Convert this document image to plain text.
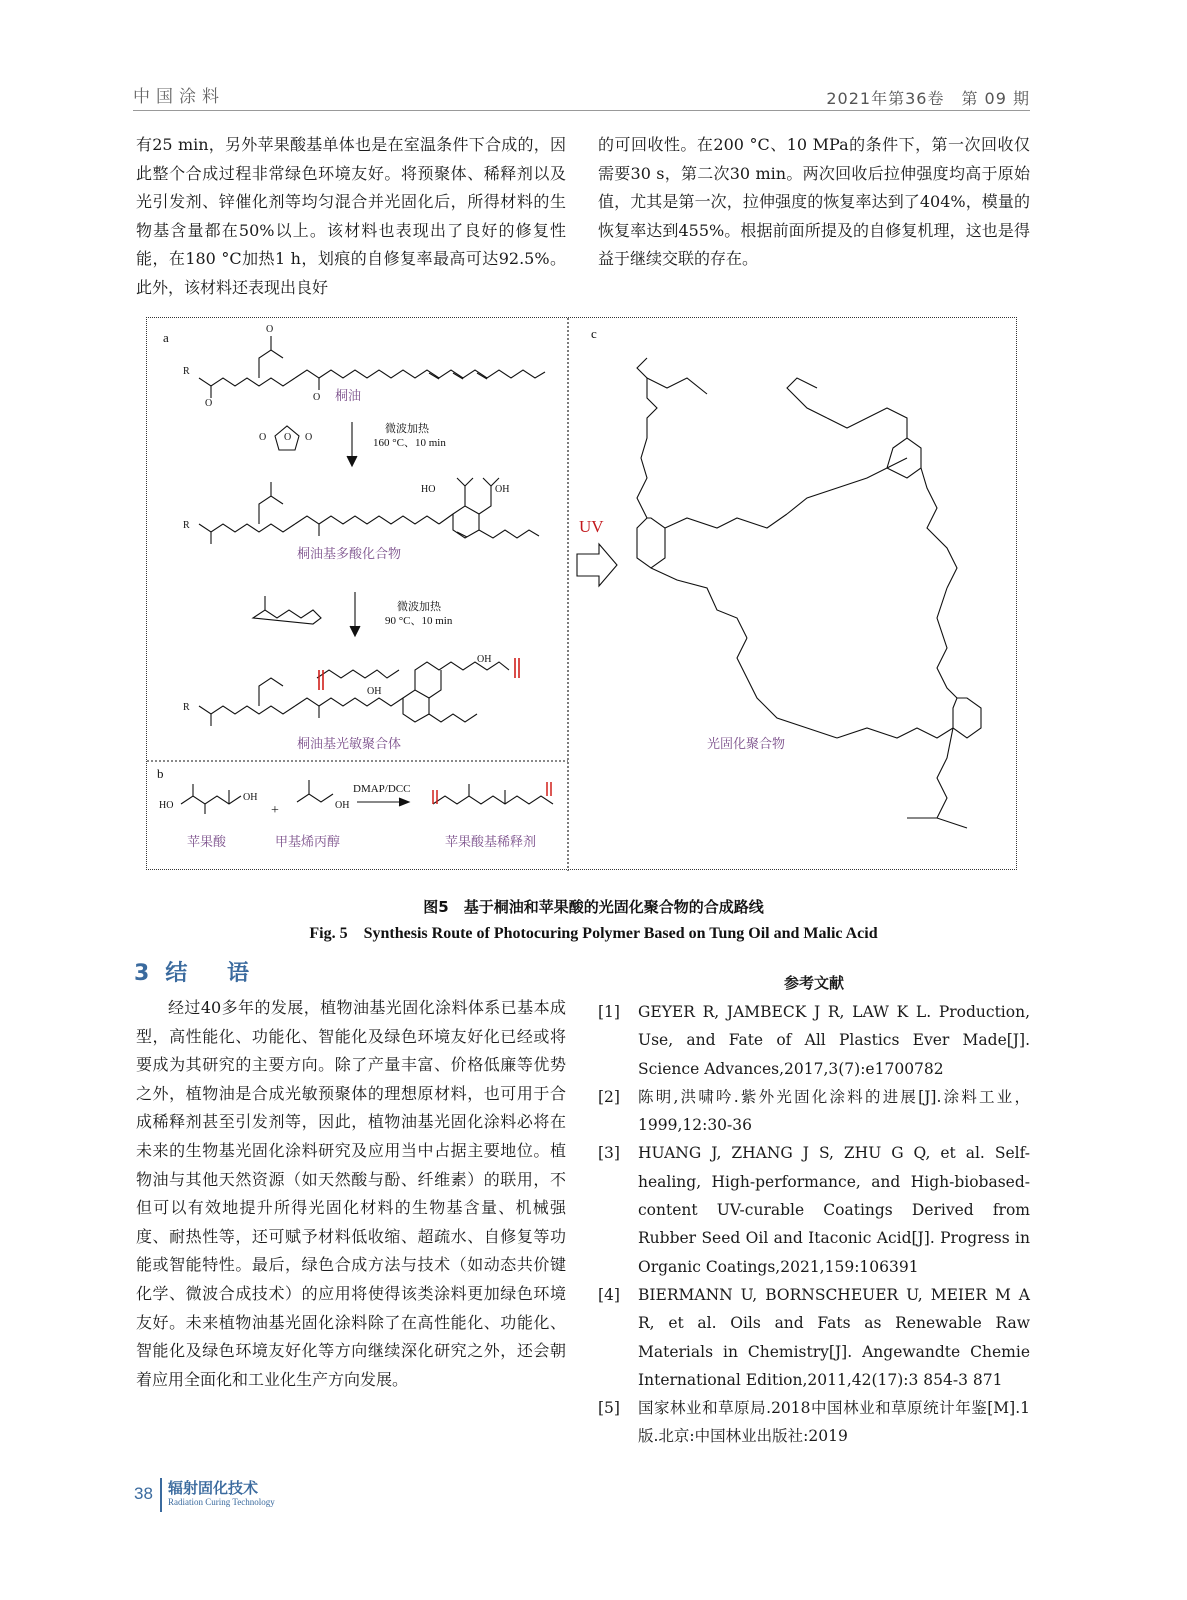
中国涂料	2021年第36卷　第 09 期
有25 min，另外苹果酸基单体也是在室温条件下合成的，因此整个合成过程非常绿色环境友好。将预聚体、稀释剂以及光引发剂、锌催化剂等均匀混合并光固化后，所得材料的生物基含量都在50%以上。该材料也表现出了良好的修复性能，在180 °C加热1 h，划痕的自修复率最高可达92.5%。此外，该材料还表现出良好
的可回收性。在200 °C、10 MPa的条件下，第一次回收仅需要30 s，第二次30 min。两次回收后拉伸强度均高于原始值，尤其是第一次，拉伸强度的恢复率达到了404%，模量的恢复率达到455%。根据前面所提及的自修复机理，这也是得益于继续交联的存在。
a
b
c
R
O
O
O 桐油
O O O
微波加热
160 °C、10 min
R
HO	OH
桐油基多酸化合物
微波加热
90 °C、10 min
R
OH
OH
桐油基光敏聚合体
HO
OH
+	OH
DMAP/DCC
苹果酸	甲基烯丙醇	苹果酸基稀释剂
UV
光固化聚合物
图5　基于桐油和苹果酸的光固化聚合物的合成路线
Fig. 5　Synthesis Route of Photocuring Polymer Based on Tung Oil and Malic Acid
3结 语

经过40多年的发展，植物油基光固化涂料体系已基本成型，高性能化、功能化、智能化及绿色环境友好化已经或将要成为其研究的主要方向。除了产量丰富、价格低廉等优势之外，植物油是合成光敏预聚体的理想原材料，也可用于合成稀释剂甚至引发剂等，因此，植物油基光固化涂料必将在未来的生物基光固化涂料研究及应用当中占据主要地位。植物油与其他天然资源（如天然酸与酚、纤维素）的联用，不但可以有效地提升所得光固化材料的生物基含量、机械强度、耐热性等，还可赋予材料低收缩、超疏水、自修复等功能或智能特性。最后，绿色合成方法与技术（如动态共价键化学、微波合成技术）的应用将使得该类涂料更加绿色环境友好。未来植物油基光固化涂料除了在高性能化、功能化、智能化及绿色环境友好化等方向继续深化研究之外，还会朝着应用全面化和工业化生产方向发展。

参考文献
[1]	GEYER R, JAMBECK J R, LAW K L. Production, Use, and Fate of All Plastics Ever Made[J]. Science Advances,2017,3(7):e1700782
[2]	陈明,洪啸吟.紫外光固化涂料的进展[J].涂料工业，1999,12:30-36
[3]	HUANG J, ZHANG J S, ZHU G Q, et al. Self-healing, High-performance, and High-biobased-content UV-curable Coatings Derived from Rubber Seed Oil and Itaconic Acid[J]. Progress in Organic Coatings,2021,159:106391
[4]	BIERMANN U, BORNSCHEUER U, MEIER M A R, et al. Oils and Fats as Renewable Raw Materials in Chemistry[J]. Angewandte Chemie International Edition,2011,42(17):3 854-3 871
[5]	国家林业和草原局.2018中国林业和草原统计年鉴[M].1版.北京:中国林业出版社:2019
38 辐射固化技术
Radiation Curing Technology
